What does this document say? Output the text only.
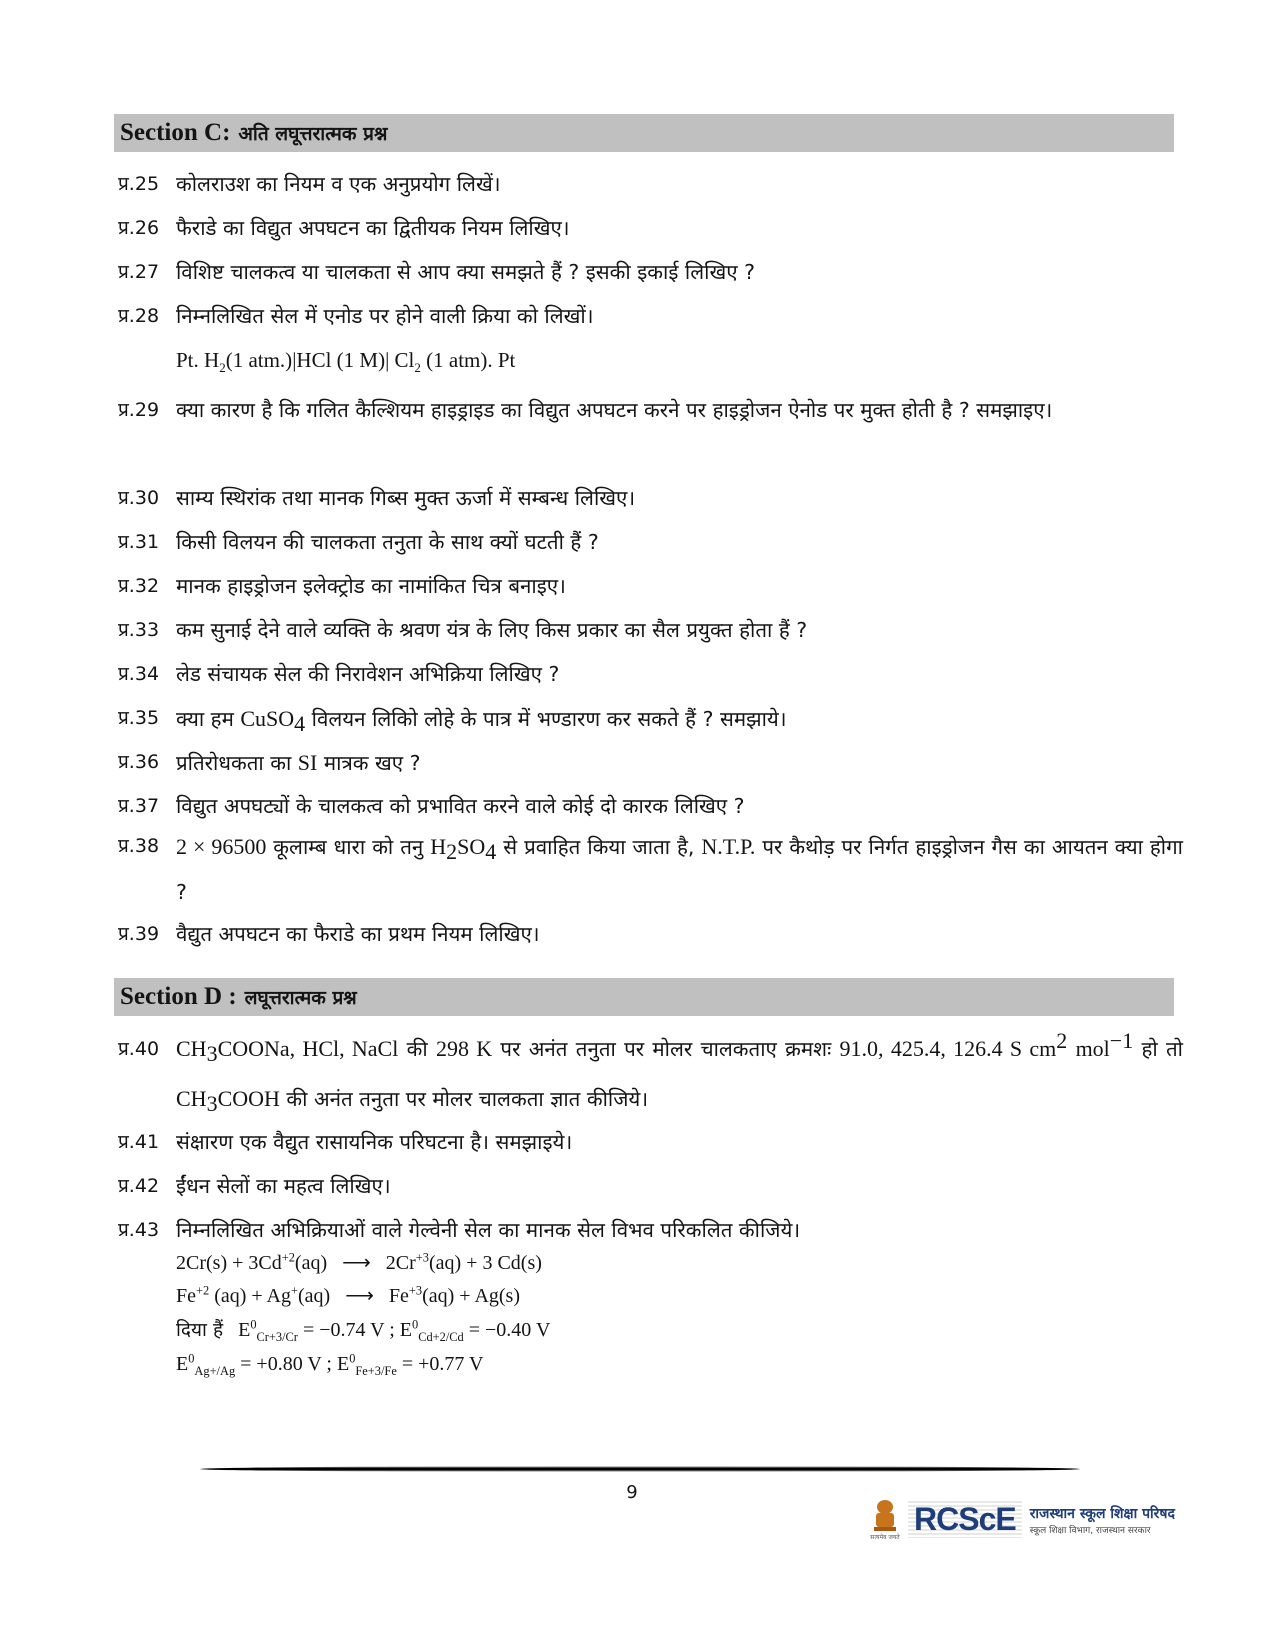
Section C: अति लघूत्तरात्मक प्रश्न
प्र.25 कोलराउश का नियम व एक अनुप्रयोग लिखें।
प्र.26 फैराडे का विद्युत अपघटन का द्वितीयक नियम लिखिए।
प्र.27 विशिष्ट चालकत्व या चालकता से आप क्या समझते हैं ? इसकी इकाई लिखिए ?
प्र.28 निम्नलिखित सेल में एनोड पर होने वाली क्रिया को लिखों।
Pt. $H_2(1$ atm.)|HCl (1 M)| $Cl_2$ (1 atm). Pt
प्र.29 क्या कारण है कि गलित कैल्शियम हाइड्राइड का विद्युत अपघटन करने पर हाइड्रोजन ऐनोड पर मुक्त होती है ? समझाइए।
प्र.30 साम्य स्थिरांक तथा मानक गिब्स मुक्त ऊर्जा में सम्बन्ध लिखिए।
प्र.31 किसी विलयन की चालकता तनुता के साथ क्यों घटती हैं ?
प्र.32 मानक हाइड्रोजन इलेक्ट्रोड का नामांकित चित्र बनाइए।
प्र.33 कम सुनाई देने वाले व्यक्ति के श्रवण यंत्र के लिए किस प्रकार का सैल प्रयुक्त होता हैं ?
प्र.34 लेड संचायक सेल की निरावेशन अभिक्रिया लिखिए ?
प्र.35 क्या हम CuSO$_4$ विलयन लिकिो लोहे के पात्र में भण्डारण कर सकते हैं ? समझाये।
प्र.36 प्रतिरोधकता का SI मात्रक खए ?
प्र.37 विद्युत अपघट्यों के चालकत्व को प्रभावित करने वाले कोई दो कारक लिखिए ?
प्र.38 2 × 96500 कूलाम्ब धारा को तनु $H_2SO_4$ से प्रवाहित किया जाता है, N.T.P. पर कैथोड़ पर निर्गत हाइड्रोजन गैस का आयतन क्या होगा ?
प्र.39 वैद्युत अपघटन का फैराडे का प्रथम नियम लिखिए।
Section D : लघूत्तरात्मक प्रश्न
प्र.40 $CH_3COONa$, HCl, NaCl की 298 K पर अनंत तनुता पर मोलर चालकताए क्रमशः 91.0, 425.4, 126.4 S $cm^2$ mol$^{-1}$ हो तो $CH_3COOH$ की अनंत तनुता पर मोलर चालकता ज्ञात कीजिये।
प्र.41 संक्षारण एक वैद्युत रासायनिक परिघटना है। समझाइये।
प्र.42 ईंधन सेलों का महत्व लिखिए।
प्र.43 निम्नलिखित अभिक्रियाओं वाले गेल्वेनी सेल का मानक सेल विभव परिकलित कीजिये।
$2Cr(s) + 3Cd^{+2}(aq)$ ⟶ $2Cr^{+3}(aq) + 3$ Cd(s)
$Fe^{+2}$ (aq) + Ag+(aq) ⟶ $Fe^{+3}(aq) + Ag(s)$
दिया हैं $E^0_{Cr+3/Cr} = -0.74$ V ; $E^0_{Cd+2/Cd} = -0.40$ V
$E^0_{Ag+/Ag} = +0.80$ V ; $E^0_{Fe+3/Fe} = +0.77$ V
9
सत्यमेव जयते RCScE	राजस्थान स्कूल शिक्षा परिषद
स्कूल शिक्षा विभाग, राजस्थान सरकार
